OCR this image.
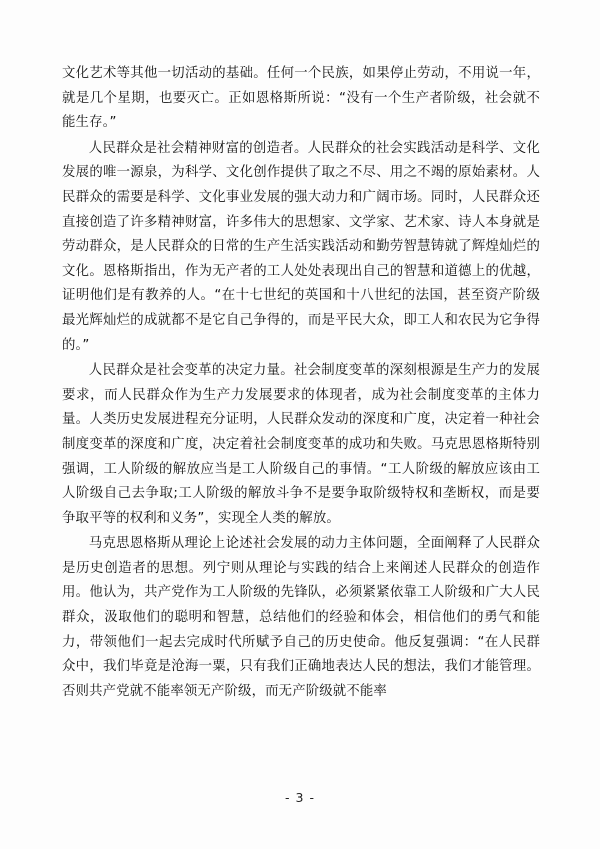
文化艺术等其他一切活动的基础。任何一个民族，如果停止劳动，不用说一年，就是几个星期，也要灭亡。正如恩格斯所说：“没有一个生产者阶级，社会就不能生存。”

人民群众是社会精神财富的创造者。人民群众的社会实践活动是科学、文化发展的唯一源泉，为科学、文化创作提供了取之不尽、用之不竭的原始素材。人民群众的需要是科学、文化事业发展的强大动力和广阔市场。同时，人民群众还直接创造了许多精神财富，许多伟大的思想家、文学家、艺术家、诗人本身就是劳动群众，是人民群众的日常的生产生活实践活动和勤劳智慧铸就了辉煌灿烂的文化。恩格斯指出，作为无产者的工人处处表现出自己的智慧和道德上的优越，证明他们是有教养的人。“在十七世纪的英国和十八世纪的法国，甚至资产阶级最光辉灿烂的成就都不是它自己争得的，而是平民大众，即工人和农民为它争得的。”

人民群众是社会变革的决定力量。社会制度变革的深刻根源是生产力的发展要求，而人民群众作为生产力发展要求的体现者，成为社会制度变革的主体力量。人类历史发展进程充分证明，人民群众发动的深度和广度，决定着一种社会制度变革的深度和广度，决定着社会制度变革的成功和失败。马克思恩格斯特别强调，工人阶级的解放应当是工人阶级自己的事情。“工人阶级的解放应该由工人阶级自己去争取;工人阶级的解放斗争不是要争取阶级特权和垄断权，而是要争取平等的权利和义务”，实现全人类的解放。

马克思恩格斯从理论上论述社会发展的动力主体问题，全面阐释了人民群众是历史创造者的思想。列宁则从理论与实践的结合上来阐述人民群众的创造作用。他认为，共产党作为工人阶级的先锋队，必须紧紧依靠工人阶级和广大人民群众，汲取他们的聪明和智慧，总结他们的经验和体会，相信他们的勇气和能力，带领他们一起去完成时代所赋予自己的历史使命。他反复强调：“在人民群众中，我们毕竟是沧海一粟，只有我们正确地表达人民的想法，我们才能管理。否则共产党就不能率领无产阶级，而无产阶级就不能率

- 3 -
